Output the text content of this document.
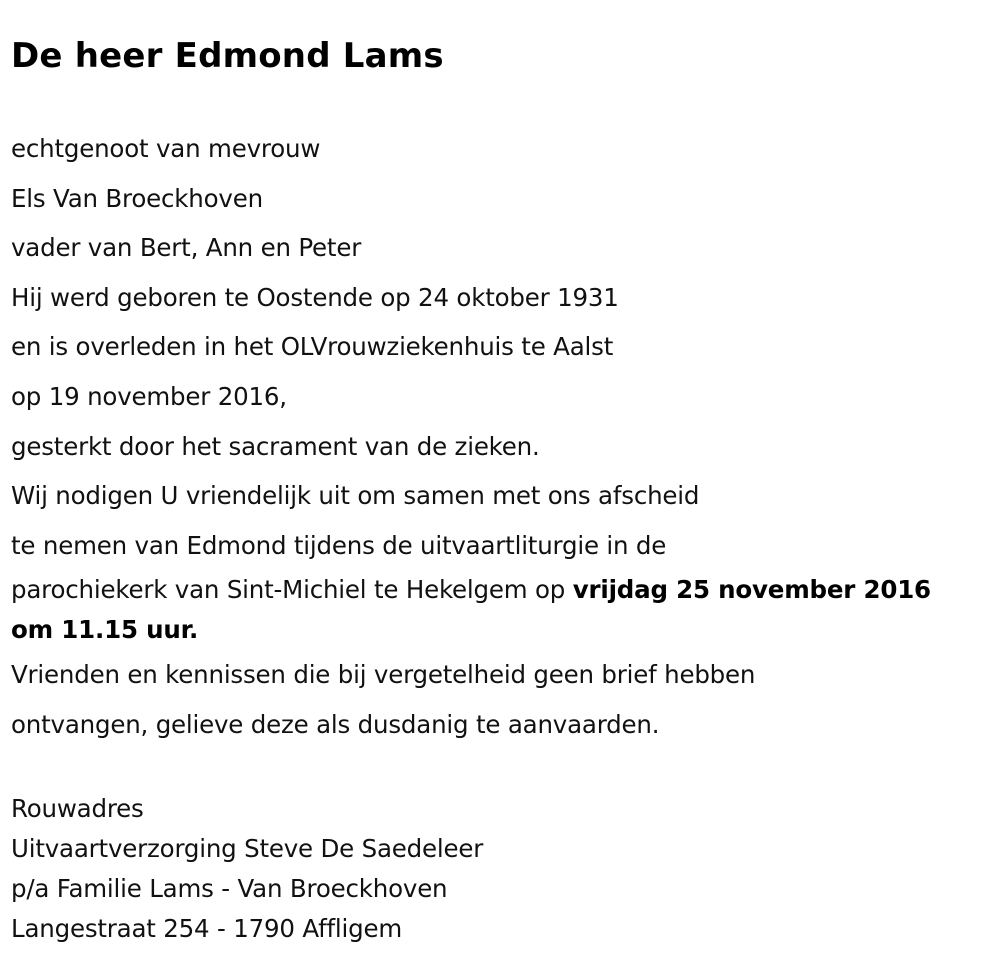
De heer Edmond Lams
echtgenoot van mevrouw
Els Van Broeckhoven
vader van Bert, Ann en Peter
Hij werd geboren te Oostende op 24 oktober 1931
en is overleden in het OLVrouwziekenhuis te Aalst
op 19 november 2016,
gesterkt door het sacrament van de zieken.
Wij nodigen U vriendelijk uit om samen met ons afscheid
te nemen van Edmond tijdens de uitvaartliturgie in de
parochiekerk van Sint-Michiel te Hekelgem op vrijdag 25 november 2016
om 11.15 uur.
Vrienden en kennissen die bij vergetelheid geen brief hebben
ontvangen, gelieve deze als dusdanig te aanvaarden.
Rouwadres
Uitvaartverzorging Steve De Saedeleer
p/a Familie Lams - Van Broeckhoven
Langestraat 254 - 1790 Affligem
